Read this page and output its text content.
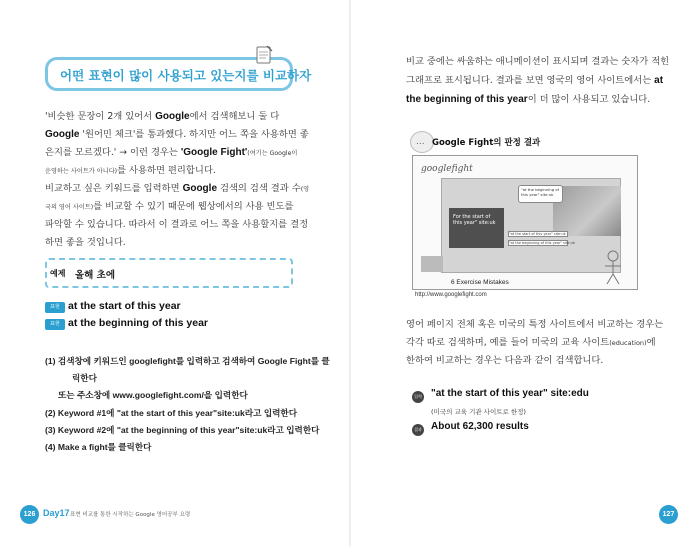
어떤 표현이 많이 사용되고 있는지를 비교하자
'비슷한 문장이 2개 있어서 Google에서 검색해보니 둘 다
Google '원어민 체크'를 통과했다. 하지만 어느 쪽을 사용하면 좋
은지를 모르겠다.' → 이런 경우는 'Google Fight'(여기는 Google이
운영하는 사이트가 아니다)를 사용하면 편리합니다.
비교하고 싶은 키워드를 입력하면 Google 검색의 검색 결과 수(영
국의 영어 사이트)를 비교할 수 있기 때문에 웹상에서의 사용 빈도를
파악할 수 있습니다. 따라서 이 결과로 어느 쪽을 사용할지를 결정
하면 좋을 것입니다.
예제 올해 초에
표현 at the start of this year
표현 at the beginning of this year
(1) 검색창에 키워드인 googlefight를 입력하고 검색하여 Google Fight를 클
릭한다
또는 주소창에 www.googlefight.com/을 입력한다
(2) Keyword #1에 "at the start of this year"site:uk라고 입력한다
(3) Keyword #2에 "at the beginning of this year"site:uk라고 입력한다
(4) Make a fight를 클릭한다
126 Day17 표현 비교를 통한 시작하는 Google 영어공부 요령
비교 중에는 싸움하는 애니메이션이 표시되며 결과는 숫자가 적힌
그래프로 표시됩니다. 결과를 보면 영국의 영어 사이트에서는 at
the beginning of this year이 더 많이 사용되고 있습니다.
... Google Fight의 판정 결과
googlefight
For the start of this year" site:uk
"at the beginning of this year" site:uk
"at the start of this year" site:uk
"at the beginning of this year" site:uk
6 Exercise Mistakes
http://www.googlefight.com
영어 페이지 전체 혹은 미국의 특정 사이트에서 비교하는 경우는
각각 따로 검색하며, 예를 들어 미국의 교육 사이트(education)에
한하여 비교하는 경우는 다음과 같이 검색합니다.
입력 "at the start of this year" site:edu
(미국의 교육 기관 사이트로 한정)
결과 About 62,300 results
127
